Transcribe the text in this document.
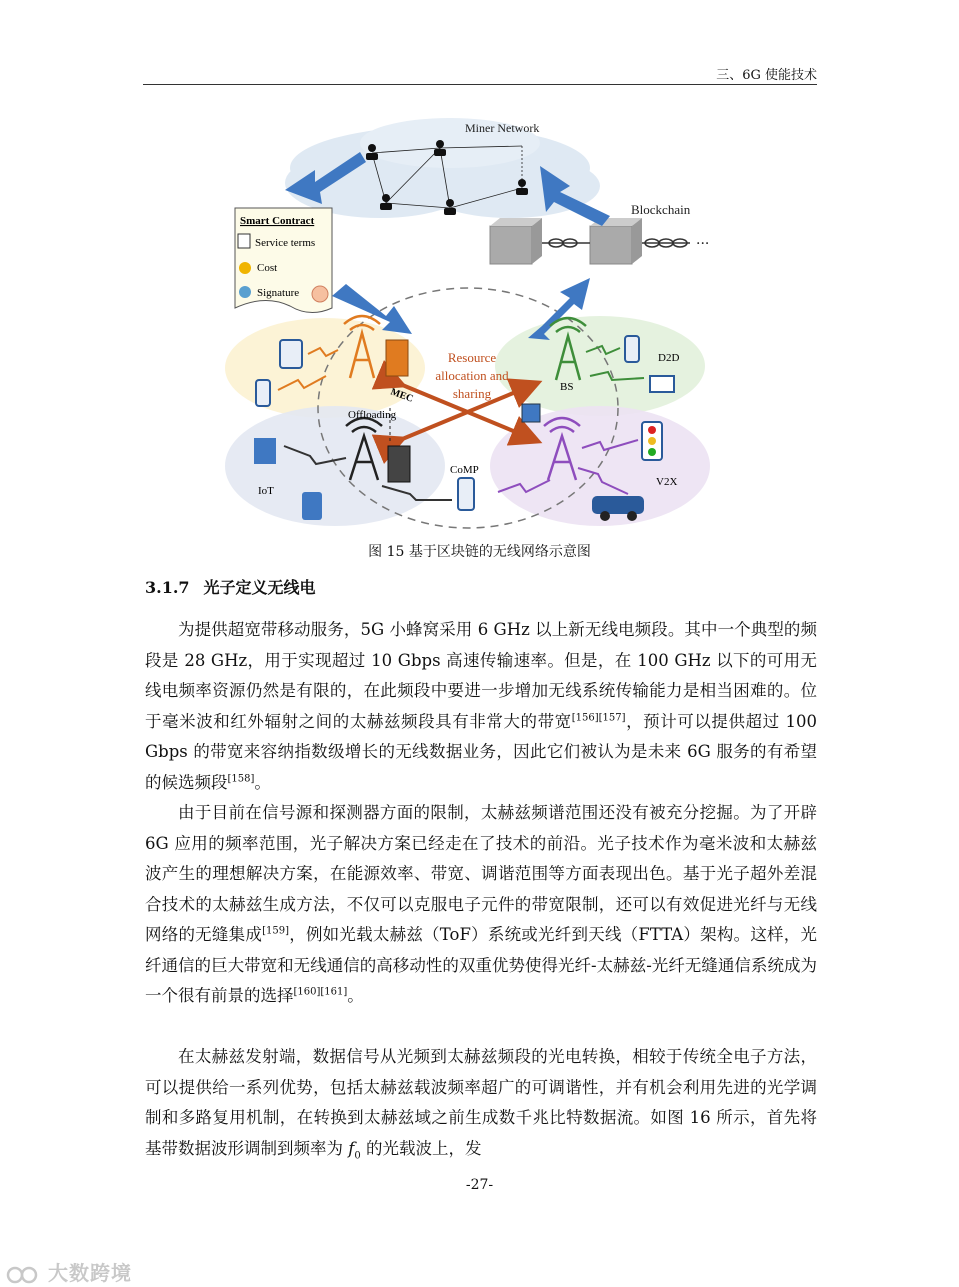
三、6G 使能技术
Miner Network
Blockchain
···
Smart Contract
Service terms
Cost
Signature
Resource
allocation and
sharing	BS
MEC
Offloading
D2D
V2X
CoMP
IoT
图 15 基于区块链的无线网络示意图
3.1.7 光子定义无线电
为提供超宽带移动服务，5G 小蜂窝采用 6 GHz 以上新无线电频段。其中一个典型的频段是 28 GHz，用于实现超过 10 Gbps 高速传输速率。但是，在 100 GHz 以下的可用无线电频率资源仍然是有限的，在此频段中要进一步增加无线系统传输能力是相当困难的。位于毫米波和红外辐射之间的太赫兹频段具有非常大的带宽[156][157]，预计可以提供超过 100 Gbps 的带宽来容纳指数级增长的无线数据业务，因此它们被认为是未来 6G 服务的有希望的候选频段[158]。
由于目前在信号源和探测器方面的限制，太赫兹频谱范围还没有被充分挖掘。为了开辟 6G 应用的频率范围，光子解决方案已经走在了技术的前沿。光子技术作为毫米波和太赫兹波产生的理想解决方案，在能源效率、带宽、调谐范围等方面表现出色。基于光子超外差混合技术的太赫兹生成方法，不仅可以克服电子元件的带宽限制，还可以有效促进光纤与无线网络的无缝集成[159]，例如光载太赫兹（ToF）系统或光纤到天线（FTTA）架构。这样，光纤通信的巨大带宽和无线通信的高移动性的双重优势使得光纤-太赫兹-光纤无缝通信系统成为一个很有前景的选择[160][161]。
在太赫兹发射端，数据信号从光频到太赫兹频段的光电转换，相较于传统全电子方法，可以提供给一系列优势，包括太赫兹载波频率超广的可调谐性，并有机会利用先进的光学调制和多路复用机制，在转换到太赫兹域之前生成数千兆比特数据流。如图 16 所示，首先将基带数据波形调制到频率为 $f_0$ 的光载波上，发
-27-
大数跨境
